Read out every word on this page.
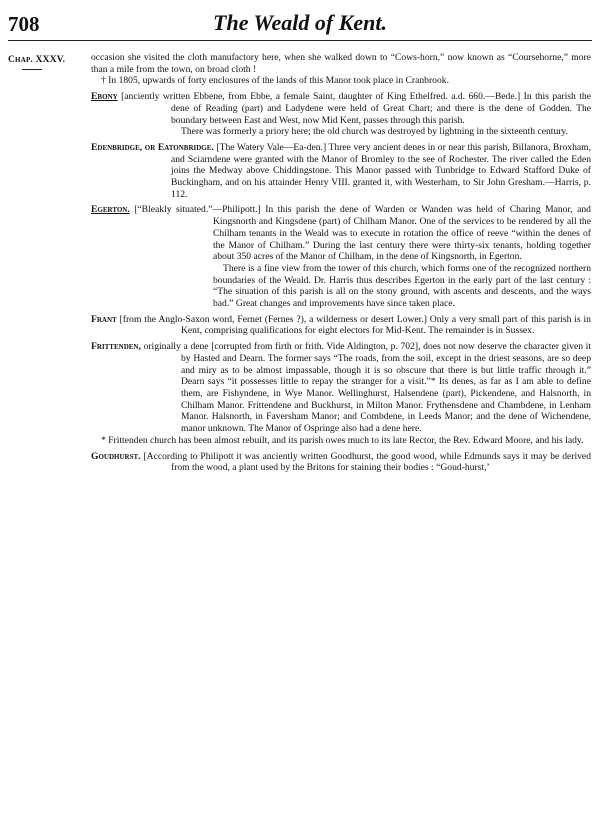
708	The Weald of Kent.
Chap. XXXV.	occasion she visited the cloth manufactory here, when she walked down to “Cows-horn,” now known as “Coursehorne,” more than a mile from the town, on broad cloth !

† In 1805, upwards of forty enclosures of the lands of this Manor took place in Cranbrook.

Ebony [anciently written Ebbene, from Ebbe, a female Saint, daughter of King Ethelfred. a.d. 660.—Bede.] In this parish the dene of Reading (part) and Ladydene were held of Great Chart; and there is the dene of Godden. The boundary between East and West, now Mid Kent, passes through this parish.

There was formerly a priory here; the old church was destroyed by lightning in the sixteenth century.

Edenbridge, or Eatonbridge. [The Watery Vale—Ea-den.] Three very ancient denes in or near this parish, Billanora, Broxham, and Sciarndene were granted with the Manor of Bromley to the see of Rochester. The river called the Eden joins the Medway above Chiddingstone. This Manor passed with Tunbridge to Edward Stafford Duke of Buckingham, and on his attainder Henry VIII. granted it, with Westerham, to Sir John Gresham.—Harris, p. 112.

Egerton. [“Bleakly situated.”—Philipott.] In this parish the dene of Warden or Wanden was held of Charing Manor, and Kingsnorth and Kingsdene (part) of Chilham Manor. One of the services to be rendered by all the Chilham tenants in the Weald was to execute in rotation the office of reeve “within the denes of the Manor of Chilham.” During the last century there were thirty-six tenants, holding together about 350 acres of the Manor of Chilham, in the dene of Kingsnorth, in Egerton.

There is a fine view from the tower of this church, which forms one of the recognized northern boundaries of the Weald. Dr. Harris thus describes Egerton in the early part of the last century : “The situation of this parish is all on the stony ground, with ascents and descents, and the ways bad.” Great changes and improvements have since taken place.

Frant [from the Anglo-Saxon word, Fernet (Fernes ?), a wilderness or desert Lower.] Only a very small part of this parish is in Kent, comprising qualifications for eight electors for Mid-Kent. The remainder is in Sussex.

Frittenden, originally a dene [corrupted from firth or frith. Vide Aldington, p. 702], does not now deserve the character given it by Hasted and Dearn. The former says “The roads, from the soil, except in the driest seasons, are so deep and miry as to be almost impassable, though it is so obscure that there is but little traffic through it.” Dearn says “it possesses little to repay the stranger for a visit.”* Its denes, as far as I am able to define them, are Fishyndene, in Wye Manor. Wellinghurst, Halsendene (part), Pickendene, and Halsnorth, in Chilham Manor. Frittendene and Buckhurst, in Milton Manor. Frythensdene and Chambdene, in Lenham Manor. Halsnorth, in Faversham Manor; and Combdene, in Leeds Manor; and the dene of Wichendene, manor unknown. The Manor of Ospringe also had a dene here.

* Frittenden church has been almost rebuilt, and its parish owes much to its late Rector, the Rev. Edward Moore, and his lady.

Goudhurst. [According to Philipott it was anciently written Goodhurst, the good wood, while Edmunds says it may be derived from the wood, a plant used by the Britons for staining their bodies : “Goud-hurst,’
